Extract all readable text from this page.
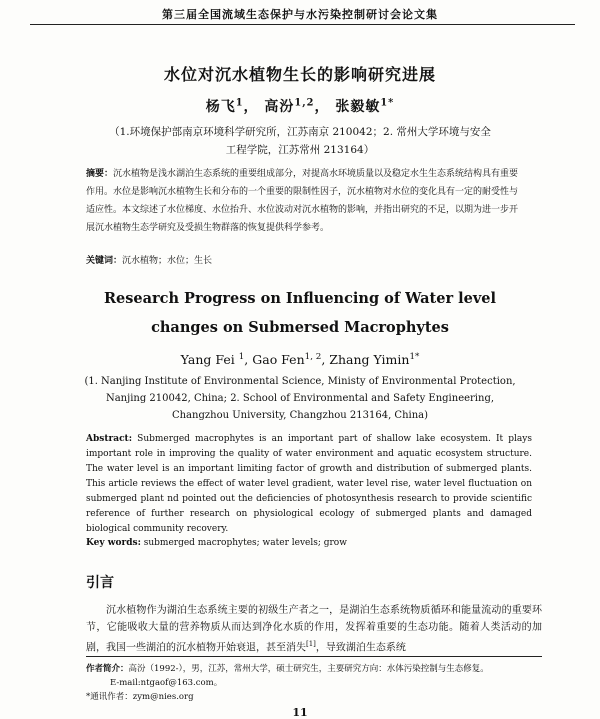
第三届全国流域生态保护与水污染控制研讨会论文集
水位对沉水植物生长的影响研究进展
杨飞$^1$， 高汾$^{1,2}$， 张毅敏$^{1*}$
（1.环境保护部南京环境科学研究所，江苏南京 210042；2. 常州大学环境与安全
工程学院，江苏常州 213164）

摘要：沉水植物是浅水湖泊生态系统的重要组成部分，对提高水环境质量以及稳定水生生态系统结构具有重要作用。水位是影响沉水植物生长和分布的一个重要的限制性因子，沉水植物对水位的变化具有一定的耐受性与适应性。本文综述了水位梯度、水位抬升、水位波动对沉水植物的影响，并指出研究的不足，以期为进一步开展沉水植物生态学研究及受损生物群落的恢复提供科学参考。

关键词：沉水植物；水位；生长
Research Progress on Influencing of Water level
changes on Submersed Macrophytes
Yang Fei $^1$, Gao Fen$^{1, 2}$, Zhang Yimin$^{1*}$
(1. Nanjing Institute of Environmental Science, Ministy of Environmental Protection,
Nanjing 210042, China; 2. School of Environmental and Safety Engineering,
Changzhou University, Changzhou 213164, China)

Abstract: Submerged macrophytes is an important part of shallow lake ecosystem. It plays important role in improving the quality of water environment and aquatic ecosystem structure. The water level is an important limiting factor of growth and distribution of submerged plants. This article reviews the effect of water level gradient, water level rise, water level fluctuation on submerged plant nd pointed out the deficiencies of photosynthesis research to provide scientific reference of further research on physiological ecology of submerged plants and damaged biological community recovery.

Key words: submerged macrophytes; water levels; grow
引言

沉水植物作为湖泊生态系统主要的初级生产者之一，是湖泊生态系统物质循环和能量流动的重要环节，它能吸收大量的营养物质从而达到净化水质的作用，发挥着重要的生态功能。随着人类活动的加剧，我国一些湖泊的沉水植物开始衰退，甚至消失[1]，导致湖泊生态系统

作者简介：高汾（1992-），男，江苏，常州大学，硕士研究生，主要研究方向：水体污染控制与生态修复。
E-mail:ntgaof@163.com。
*通讯作者：zym@nies.org
11
